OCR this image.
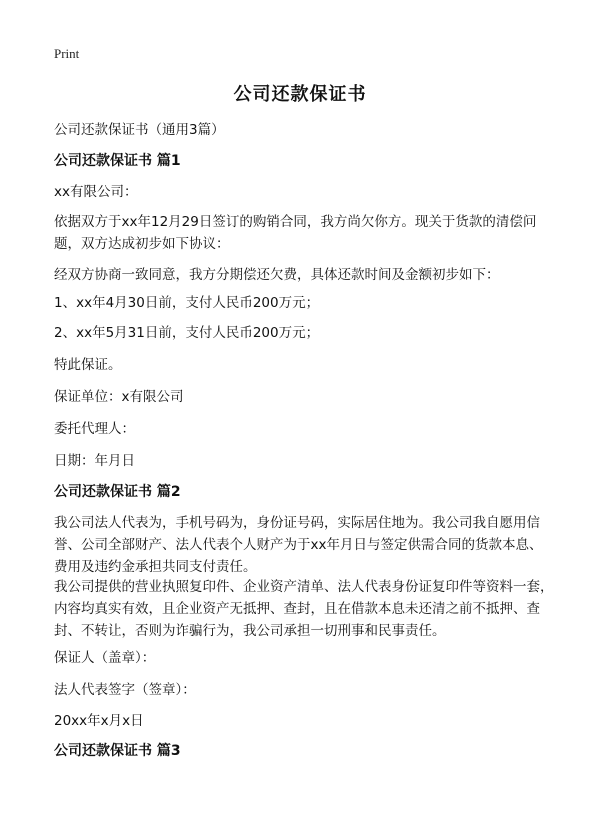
Print
公司还款保证书

公司还款保证书（通用3篇）

公司还款保证书 篇1

xx有限公司：

依据双方于xx年12月29日签订的购销合同，我方尚欠你方。现关于货款的清偿问题，双方达成初步如下协议：

经双方协商一致同意，我方分期偿还欠费，具体还款时间及金额初步如下：

1、xx年4月30日前，支付人民币200万元；

2、xx年5月31日前，支付人民币200万元；

特此保证。

保证单位：x有限公司

委托代理人：

日期：年月日

公司还款保证书 篇2

我公司法人代表为，手机号码为，身份证号码，实际居住地为。我公司我自愿用信誉、公司全部财产、法人代表个人财产为于xx年月日与签定供需合同的货款本息、费用及违约金承担共同支付责任。

我公司提供的营业执照复印件、企业资产清单、法人代表身份证复印件等资料一套，内容均真实有效，且企业资产无抵押、查封，且在借款本息未还清之前不抵押、查封、不转让，否则为诈骗行为，我公司承担一切刑事和民事责任。

保证人（盖章）：

法人代表签字（签章）：

20xx年x月x日

公司还款保证书 篇3
